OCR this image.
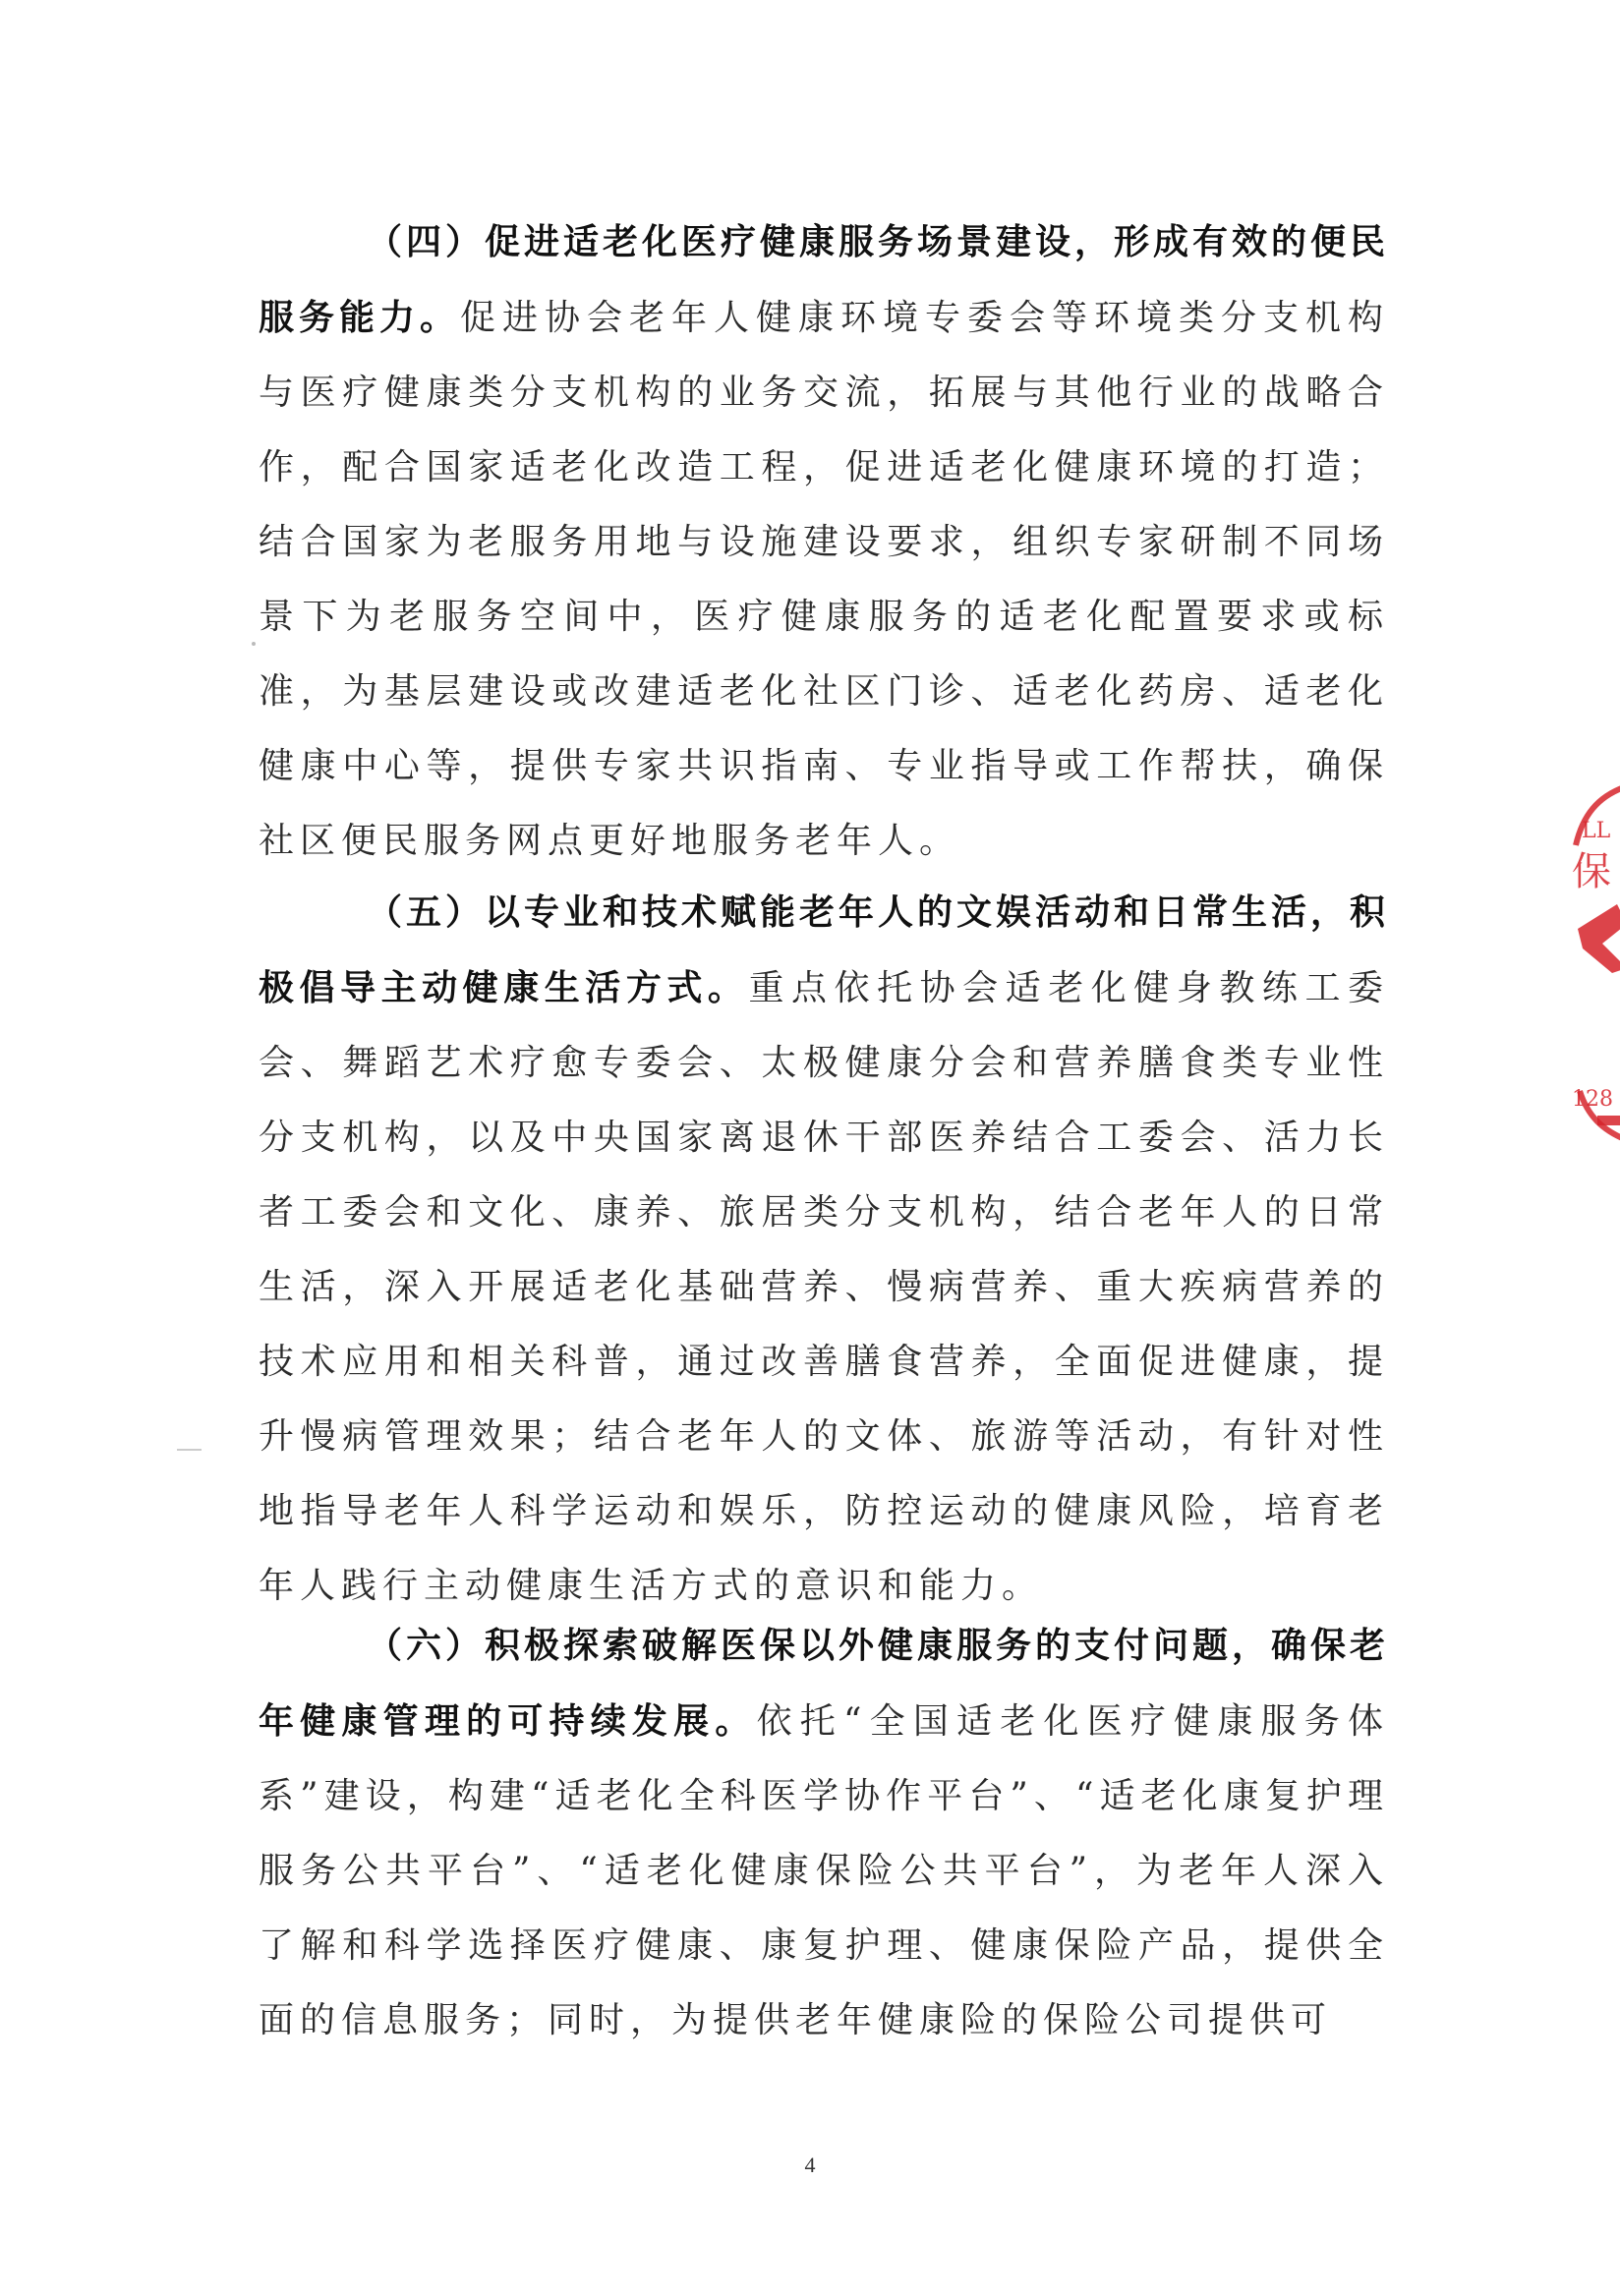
（四）促进适老化医疗健康服务场景建设，形成有效的便民服务能力。促进协会老年人健康环境专委会等环境类分支机构与医疗健康类分支机构的业务交流，拓展与其他行业的战略合作，配合国家适老化改造工程，促进适老化健康环境的打造；结合国家为老服务用地与设施建设要求，组织专家研制不同场景下为老服务空间中，医疗健康服务的适老化配置要求或标准，为基层建设或改建适老化社区门诊、适老化药房、适老化健康中心等，提供专家共识指南、专业指导或工作帮扶，确保社区便民服务网点更好地服务老年人。

（五）以专业和技术赋能老年人的文娱活动和日常生活，积极倡导主动健康生活方式。重点依托协会适老化健身教练工委会、舞蹈艺术疗愈专委会、太极健康分会和营养膳食类专业性分支机构，以及中央国家离退休干部医养结合工委会、活力长者工委会和文化、康养、旅居类分支机构，结合老年人的日常生活，深入开展适老化基础营养、慢病营养、重大疾病营养的技术应用和相关科普，通过改善膳食营养，全面促进健康，提升慢病管理效果；结合老年人的文体、旅游等活动，有针对性地指导老年人科学运动和娱乐，防控运动的健康风险，培育老年人践行主动健康生活方式的意识和能力。

（六）积极探索破解医保以外健康服务的支付问题，确保老年健康管理的可持续发展。依托“全国适老化医疗健康服务体系”建设，构建“适老化全科医学协作平台”、“适老化康复护理服务公共平台”、“适老化健康保险公共平台”，为老年人深入了解和科学选择医疗健康、康复护理、健康保险产品，提供全面的信息服务；同时，为提供老年健康险的保险公司提供可

4
LL
保
128
